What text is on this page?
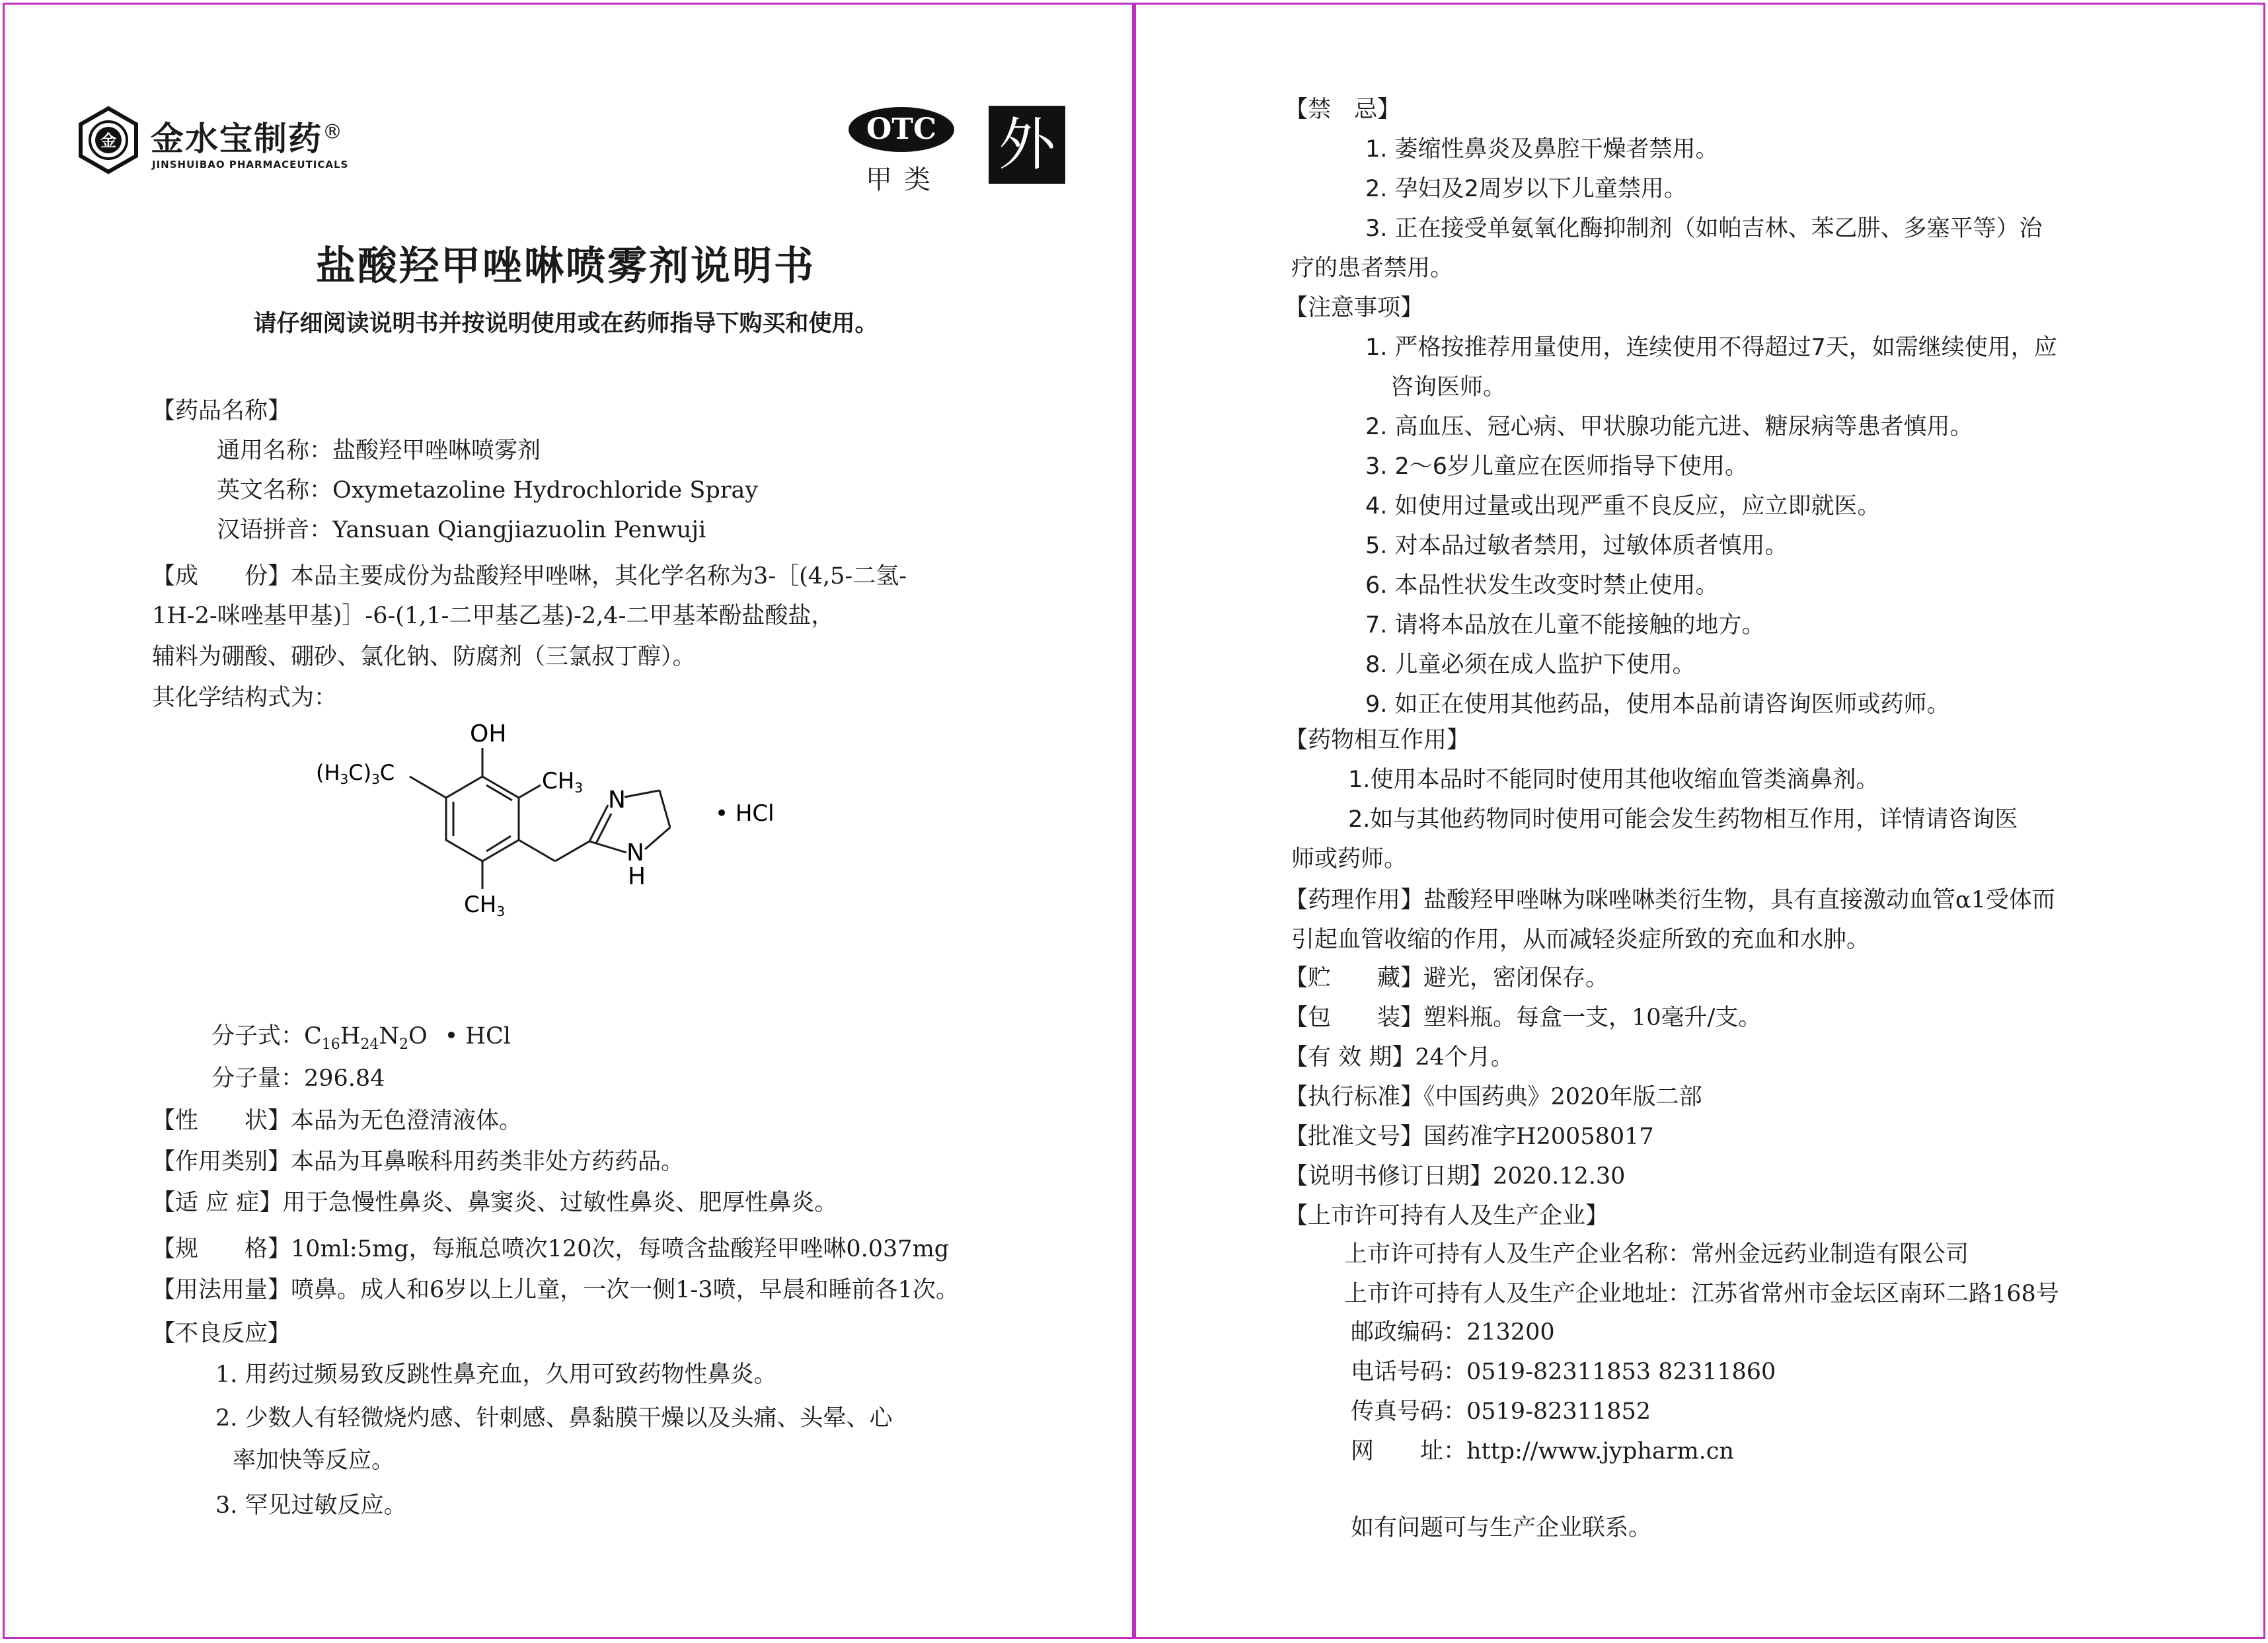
金 金水宝制药®
JINSHUIBAO PHARMACEUTICALS
OTC
甲类
外
盐酸羟甲唑啉喷雾剂说明书
请仔细阅读说明书并按说明使用或在药师指导下购买和使用。
【药品名称】
通用名称：盐酸羟甲唑啉喷雾剂
英文名称：Oxymetazoline Hydrochloride Spray
汉语拼音：Yansuan Qiangjiazuolin Penwuji
【成　　份】本品主要成份为盐酸羟甲唑啉，其化学名称为3-［(4,5-二氢-
1H-2-咪唑基甲基)］-6-(1,1-二甲基乙基)-2,4-二甲基苯酚盐酸盐，
辅料为硼酸、硼砂、氯化钠、防腐剂（三氯叔丁醇）。
其化学结构式为：
OH
(H3C)3C	CH3
CH3
N
N
H
• HCl
分子式：$C_{16}H_{24}N_2O$ • HCl
分子量：296.84
【性　　状】本品为无色澄清液体。
【作用类别】本品为耳鼻喉科用药类非处方药药品。
【适 应 症】用于急慢性鼻炎、鼻窦炎、过敏性鼻炎、肥厚性鼻炎。
【规　　格】10ml:5mg，每瓶总喷次120次，每喷含盐酸羟甲唑啉0.037mg
【用法用量】喷鼻。成人和6岁以上儿童，一次一侧1-3喷，早晨和睡前各1次。
【不良反应】
1. 用药过频易致反跳性鼻充血，久用可致药物性鼻炎。
2. 少数人有轻微烧灼感、针刺感、鼻黏膜干燥以及头痛、头晕、心
率加快等反应。
3. 罕见过敏反应。
【禁　忌】
1. 萎缩性鼻炎及鼻腔干燥者禁用。
2. 孕妇及2周岁以下儿童禁用。
3. 正在接受单氨氧化酶抑制剂（如帕吉林、苯乙肼、多塞平等）治
疗的患者禁用。
【注意事项】
1. 严格按推荐用量使用，连续使用不得超过7天，如需继续使用，应
咨询医师。
2. 高血压、冠心病、甲状腺功能亢进、糖尿病等患者慎用。
3. 2～6岁儿童应在医师指导下使用。
4. 如使用过量或出现严重不良反应，应立即就医。
5. 对本品过敏者禁用，过敏体质者慎用。
6. 本品性状发生改变时禁止使用。
7. 请将本品放在儿童不能接触的地方。
8. 儿童必须在成人监护下使用。
9. 如正在使用其他药品，使用本品前请咨询医师或药师。
【药物相互作用】
1.使用本品时不能同时使用其他收缩血管类滴鼻剂。
2.如与其他药物同时使用可能会发生药物相互作用，详情请咨询医
师或药师。
【药理作用】盐酸羟甲唑啉为咪唑啉类衍生物，具有直接激动血管α1受体而
引起血管收缩的作用，从而减轻炎症所致的充血和水肿。
【贮　　藏】避光，密闭保存。
【包　　装】塑料瓶。每盒一支，10毫升/支。
【有 效 期】24个月。
【执行标准】《中国药典》2020年版二部
【批准文号】国药准字H20058017
【说明书修订日期】2020.12.30
【上市许可持有人及生产企业】
上市许可持有人及生产企业名称：常州金远药业制造有限公司
上市许可持有人及生产企业地址：江苏省常州市金坛区南环二路168号
邮政编码：213200
电话号码：0519-82311853 82311860
传真号码：0519-82311852
网　　址：http://www.jypharm.cn
如有问题可与生产企业联系。
